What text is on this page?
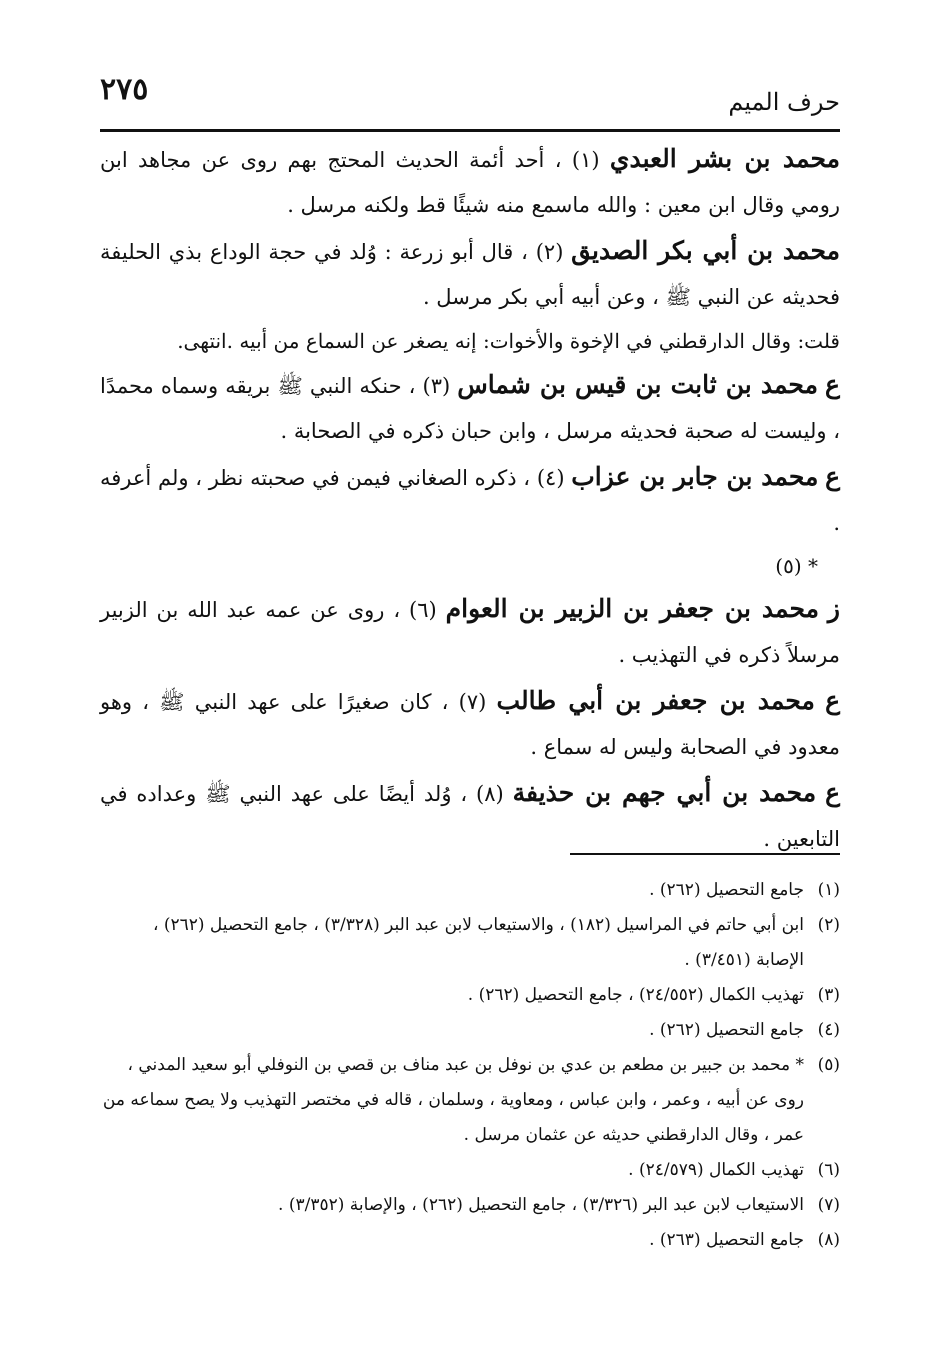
٢٧٥	حرف الميم

محمد بن بشر العبدي (١) ، أحد أئمة الحديث المحتج بهم روى عن مجاهد ابن رومي وقال ابن معين : والله ماسمع منه شيئًا قط ولكنه مرسل .

محمد بن أبي بكر الصديق (٢) ، قال أبو زرعة : وُلد في حجة الوداع بذي الحليفة فحديثه عن النبي ﷺ ، وعن أبيه أبي بكر مرسل .

قلت: وقال الدارقطني في الإخوة والأخوات: إنه يصغر عن السماع من أبيه .انتهى.

ع محمد بن ثابت بن قيس بن شماس (٣) ، حنكه النبي ﷺ بريقه وسماه محمدًا ، وليست له صحبة فحديثه مرسل ، وابن حبان ذكره في الصحابة .

ع محمد بن جابر بن عزاب (٤) ، ذكره الصغاني فيمن في صحبته نظر ، ولم أعرفه .

* (٥)

ز محمد بن جعفر بن الزبير بن العوام (٦) ، روى عن عمه عبد الله بن الزبير مرسلاً ذكره في التهذيب .

ع محمد بن جعفر بن أبي طالب (٧) ، كان صغيرًا على عهد النبي ﷺ ، وهو معدود في الصحابة وليس له سماع .

ع محمد بن أبي جهم بن حذيفة (٨) ، وُلد أيضًا على عهد النبي ﷺ وعداده في التابعين .

(١)
جامع التحصيل (٢٦٢) .
(٢)
ابن أبي حاتم في المراسيل (١٨٢) ، والاستيعاب لابن عبد البر (٣/٣٢٨) ، جامع التحصيل (٢٦٢) ، الإصابة (٣/٤٥١) .
(٣)
تهذيب الكمال (٢٤/٥٥٢) ، جامع التحصيل (٢٦٢) .
(٤)
جامع التحصيل (٢٦٢) .
(٥)
* محمد بن جبير بن مطعم بن عدي بن نوفل بن عبد مناف بن قصي بن النوفلي أبو سعيد المدني ، روى عن أبيه ، وعمر ، وابن عباس ، ومعاوية ، وسلمان ، قاله في مختصر التهذيب ولا يصح سماعه من عمر ، وقال الدارقطني حديثه عن عثمان مرسل .
(٦)
تهذيب الكمال (٢٤/٥٧٩) .
(٧)
الاستيعاب لابن عبد البر (٣/٣٢٦) ، جامع التحصيل (٢٦٢) ، والإصابة (٣/٣٥٢) .
(٨)
جامع التحصيل (٢٦٣) .
